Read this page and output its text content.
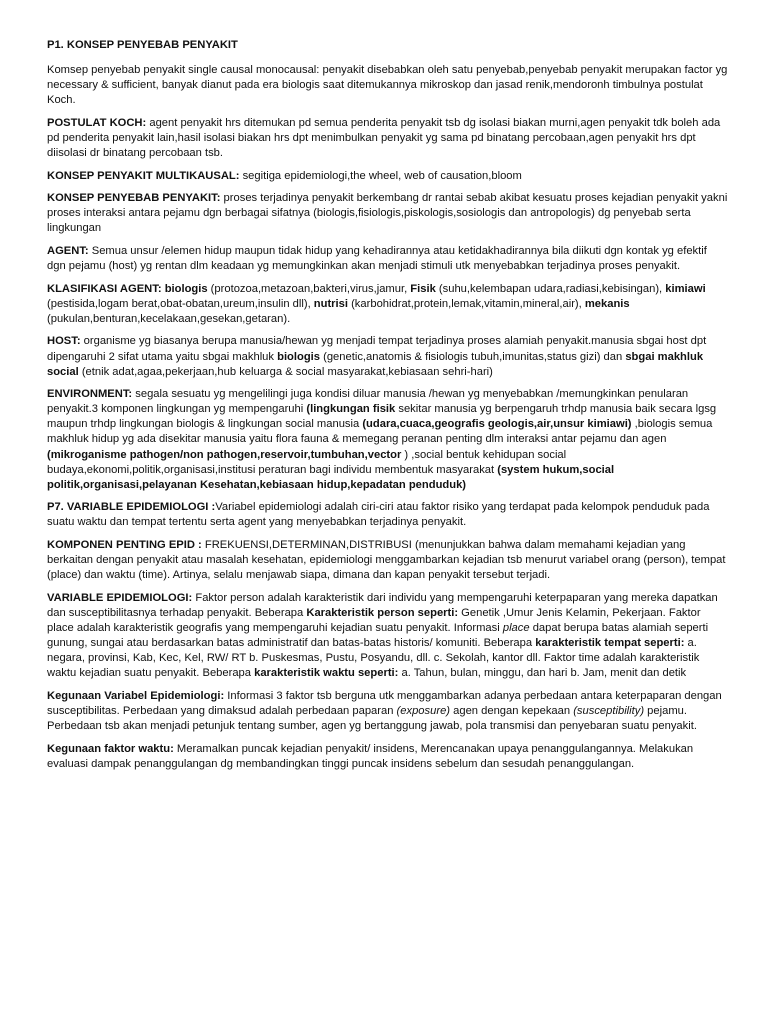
P1. KONSEP PENYEBAB PENYAKIT

Komsep penyebab penyakit single causal monocausal: penyakit disebabkan oleh satu penyebab,penyebab penyakit merupakan factor yg necessary & sufficient, banyak dianut pada era biologis saat ditemukannya mikroskop dan jasad renik,mendoronh timbulnya postulat Koch.

POSTULAT KOCH: agent penyakit hrs ditemukan pd semua penderita penyakit tsb dg isolasi biakan murni,agen penyakit tdk boleh ada pd penderita penyakit lain,hasil isolasi biakan hrs dpt menimbulkan penyakit yg sama pd binatang percobaan,agen penyakit hrs dpt diisolasi dr binatang percobaan tsb.

KONSEP PENYAKIT MULTIKAUSAL: segitiga epidemiologi,the wheel, web of causation,bloom

KONSEP PENYEBAB PENYAKIT: proses terjadinya penyakit berkembang dr rantai sebab akibat kesuatu proses kejadian penyakit yakni proses interaksi antara pejamu dgn berbagai sifatnya (biologis,fisiologis,piskologis,sosiologis dan antropologis) dg penyebab serta lingkungan

AGENT: Semua unsur /elemen hidup maupun tidak hidup yang kehadirannya atau ketidakhadirannya bila diikuti dgn kontak yg efektif dgn pejamu (host) yg rentan dlm keadaan yg memungkinkan akan menjadi stimuli utk menyebabkan terjadinya proses penyakit.

KLASIFIKASI AGENT: biologis (protozoa,metazoan,bakteri,virus,jamur, Fisik (suhu,kelembapan udara,radiasi,kebisingan), kimiawi (pestisida,logam berat,obat-obatan,ureum,insulin dll), nutrisi (karbohidrat,protein,lemak,vitamin,mineral,air), mekanis (pukulan,benturan,kecelakaan,gesekan,getaran).

HOST: organisme yg biasanya berupa manusia/hewan yg menjadi tempat terjadinya proses alamiah penyakit.manusia sbgai host dpt dipengaruhi 2 sifat utama yaitu sbgai makhluk biologis (genetic,anatomis & fisiologis tubuh,imunitas,status gizi) dan sbgai makhluk social (etnik adat,agaa,pekerjaan,hub keluarga & social masyarakat,kebiasaan sehri-hari)

ENVIRONMENT: segala sesuatu yg mengelilingi juga kondisi diluar manusia /hewan yg menyebabkan /memungkinkan penularan penyakit.3 komponen lingkungan yg mempengaruhi (lingkungan fisik sekitar manusia yg berpengaruh trhdp manusia baik secara lgsg maupun trhdp lingkungan biologis & lingkungan social manusia (udara,cuaca,geografis geologis,air,unsur kimiawi) ,biologis semua makhluk hidup yg ada disekitar manusia yaitu flora fauna & memegang peranan penting dlm interaksi antar pejamu dan agen (mikroganisme pathogen/non pathogen,reservoir,tumbuhan,vector ) ,social bentuk kehidupan social budaya,ekonomi,politik,organisasi,institusi peraturan bagi individu membentuk masyarakat (system hukum,social politik,organisasi,pelayanan Kesehatan,kebiasaan hidup,kepadatan penduduk)

P7. VARIABLE EPIDEMIOLOGI :Variabel epidemiologi adalah ciri-ciri atau faktor risiko yang terdapat pada kelompok penduduk pada suatu waktu dan tempat tertentu serta agent yang menyebabkan terjadinya penyakit.

KOMPONEN PENTING EPID : FREKUENSI,DETERMINAN,DISTRIBUSI (menunjukkan bahwa dalam memahami kejadian yang berkaitan dengan penyakit atau masalah kesehatan, epidemiologi menggambarkan kejadian tsb menurut variabel orang (person), tempat (place) dan waktu (time). Artinya, selalu menjawab siapa, dimana dan kapan penyakit tersebut terjadi.

VARIABLE EPIDEMIOLOGI: Faktor person adalah karakteristik dari individu yang mempengaruhi keterpaparan yang mereka dapatkan dan susceptibilitasnya terhadap penyakit. Beberapa Karakteristik person seperti: Genetik ,Umur Jenis Kelamin, Pekerjaan. Faktor place adalah karakteristik geografis yang mempengaruhi kejadian suatu penyakit. Informasi place dapat berupa batas alamiah seperti gunung, sungai atau berdasarkan batas administratif dan batas-batas historis/ komuniti. Beberapa karakteristik tempat seperti: a. negara, provinsi, Kab, Kec, Kel, RW/ RT b. Puskesmas, Pustu, Posyandu, dll. c. Sekolah, kantor dll. Faktor time adalah karakteristik waktu kejadian suatu penyakit. Beberapa karakteristik waktu seperti: a. Tahun, bulan, minggu, dan hari b. Jam, menit dan detik

Kegunaan Variabel Epidemiologi: Informasi 3 faktor tsb berguna utk menggambarkan adanya perbedaan antara keterpaparan dengan susceptibilitas. Perbedaan yang dimaksud adalah perbedaan paparan (exposure) agen dengan kepekaan (susceptibility) pejamu. Perbedaan tsb akan menjadi petunjuk tentang sumber, agen yg bertanggung jawab, pola transmisi dan penyebaran suatu penyakit.

Kegunaan faktor waktu: Meramalkan puncak kejadian penyakit/ insidens, Merencanakan upaya penanggulangannya. Melakukan evaluasi dampak penanggulangan dg membandingkan tinggi puncak insidens sebelum dan sesudah penanggulangan.
